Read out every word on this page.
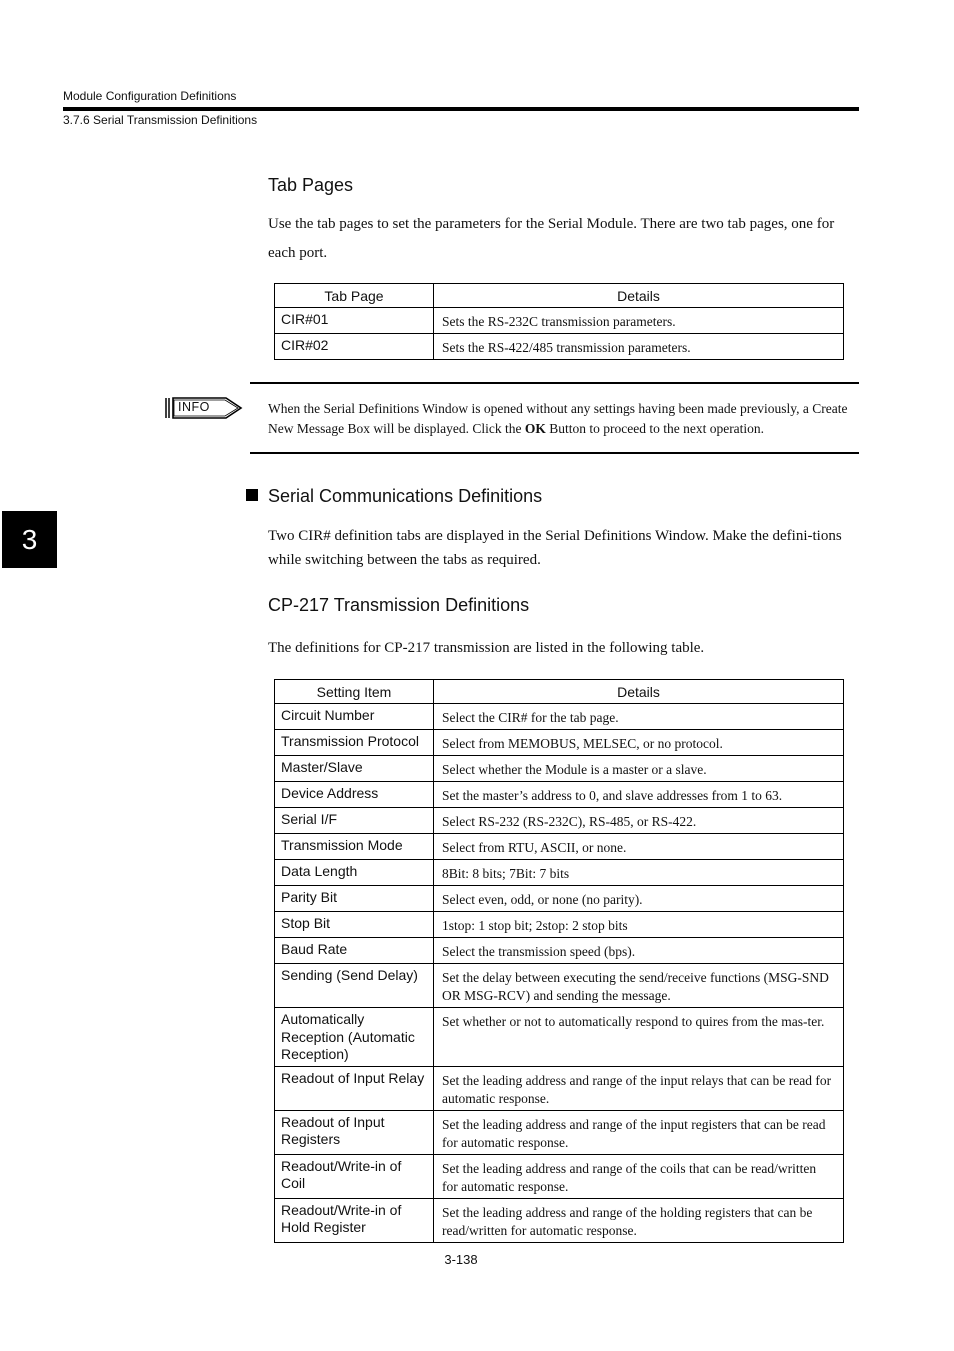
Module Configuration Definitions
3.7.6 Serial Transmission Definitions
Tab Pages
Use the tab pages to set the parameters for the Serial Module. There are two tab pages, one for each port.
Tab Page	Details
CIR#01	Sets the RS-232C transmission parameters.
CIR#02	Sets the RS-422/485 transmission parameters.
INFO	When the Serial Definitions Window is opened without any settings having been made previously, a Create New Message Box will be displayed. Click the OK Button to proceed to the next operation.
3
Serial Communications Definitions
Two CIR# definition tabs are displayed in the Serial Definitions Window. Make the defini-tions while switching between the tabs as required.
CP-217 Transmission Definitions
The definitions for CP-217 transmission are listed in the following table.
Setting Item	Details
Circuit Number	Select the CIR# for the tab page.
Transmission Protocol	Select from MEMOBUS, MELSEC, or no protocol.
Master/Slave	Select whether the Module is a master or a slave.
Device Address	Set the master’s address to 0, and slave addresses from 1 to 63.
Serial I/F	Select RS-232 (RS-232C), RS-485, or RS-422.
Transmission Mode	Select from RTU, ASCII, or none.
Data Length	8Bit: 8 bits; 7Bit: 7 bits
Parity Bit	Select even, odd, or none (no parity).
Stop Bit	1stop: 1 stop bit; 2stop: 2 stop bits
Baud Rate	Select the transmission speed (bps).
Sending (Send Delay)	Set the delay between executing the send/receive functions (MSG-SND OR MSG-RCV) and sending the message.
Automatically Reception (Automatic Reception)	Set whether or not to automatically respond to quires from the mas-ter.
Readout of Input Relay	Set the leading address and range of the input relays that can be read for automatic response.
Readout of Input Registers	Set the leading address and range of the input registers that can be read for automatic response.
Readout/Write-in of Coil	Set the leading address and range of the coils that can be read/written for automatic response.
Readout/Write-in of Hold Register	Set the leading address and range of the holding registers that can be read/written for automatic response.
3-138
